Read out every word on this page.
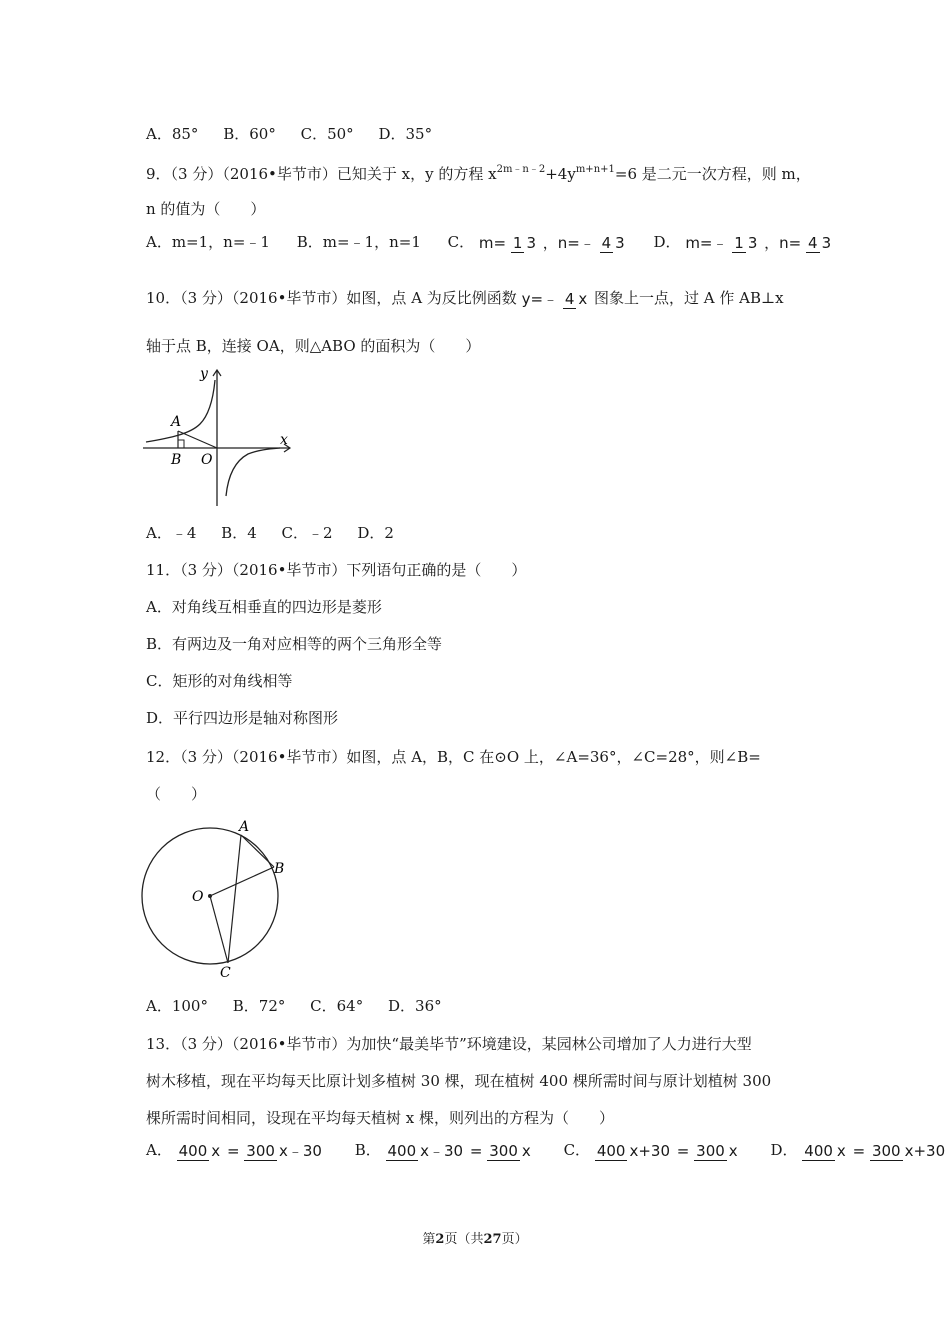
A．85° B．60° C．50° D．35°
9．（3 分）（2016•毕节市）已知关于 x，y 的方程 $x^{2m﹣n﹣2}+4y^{m+n+1}=6$ 是二元一次方程，则 m，
n 的值为（　　）
A．m=1，n=﹣1 B．m=﹣1，n=1 C． m= 1 3 ，n=﹣ 4 3 D． m=﹣ 1 3 ，n= 4 3
10．（3 分）（2016•毕节市）如图，点 A 为反比例函数 y=﹣ 4 x 图象上一点，过 A 作 AB⊥x
轴于点 B，连接 OA，则△ABO 的面积为（　　）
y
x
A
B O
A．﹣4 B．4 C．﹣2 D．2
11．（3 分）（2016•毕节市）下列语句正确的是（　　）
A．对角线互相垂直的四边形是菱形
B．有两边及一角对应相等的两个三角形全等
C．矩形的对角线相等
D．平行四边形是轴对称图形
12．（3 分）（2016•毕节市）如图，点 A，B，C 在⊙O 上，∠A=36°，∠C=28°，则∠B=
（　　）
A
B
C
O
A．100° B．72° C．64° D．36°
13．（3 分）（2016•毕节市）为加快“最美毕节”环境建设，某园林公司增加了人力进行大型
树木移植，现在平均每天比原计划多植树 30 棵，现在植树 400 棵所需时间与原计划植树 300
棵所需时间相同，设现在平均每天植树 x 棵，则列出的方程为（　　）
A． 400 x = 300 x﹣30 B． 400 x﹣30 = 300 x C． 400 x+30 = 300 x D． 400 x = 300 x+30
第2页（共27页）
